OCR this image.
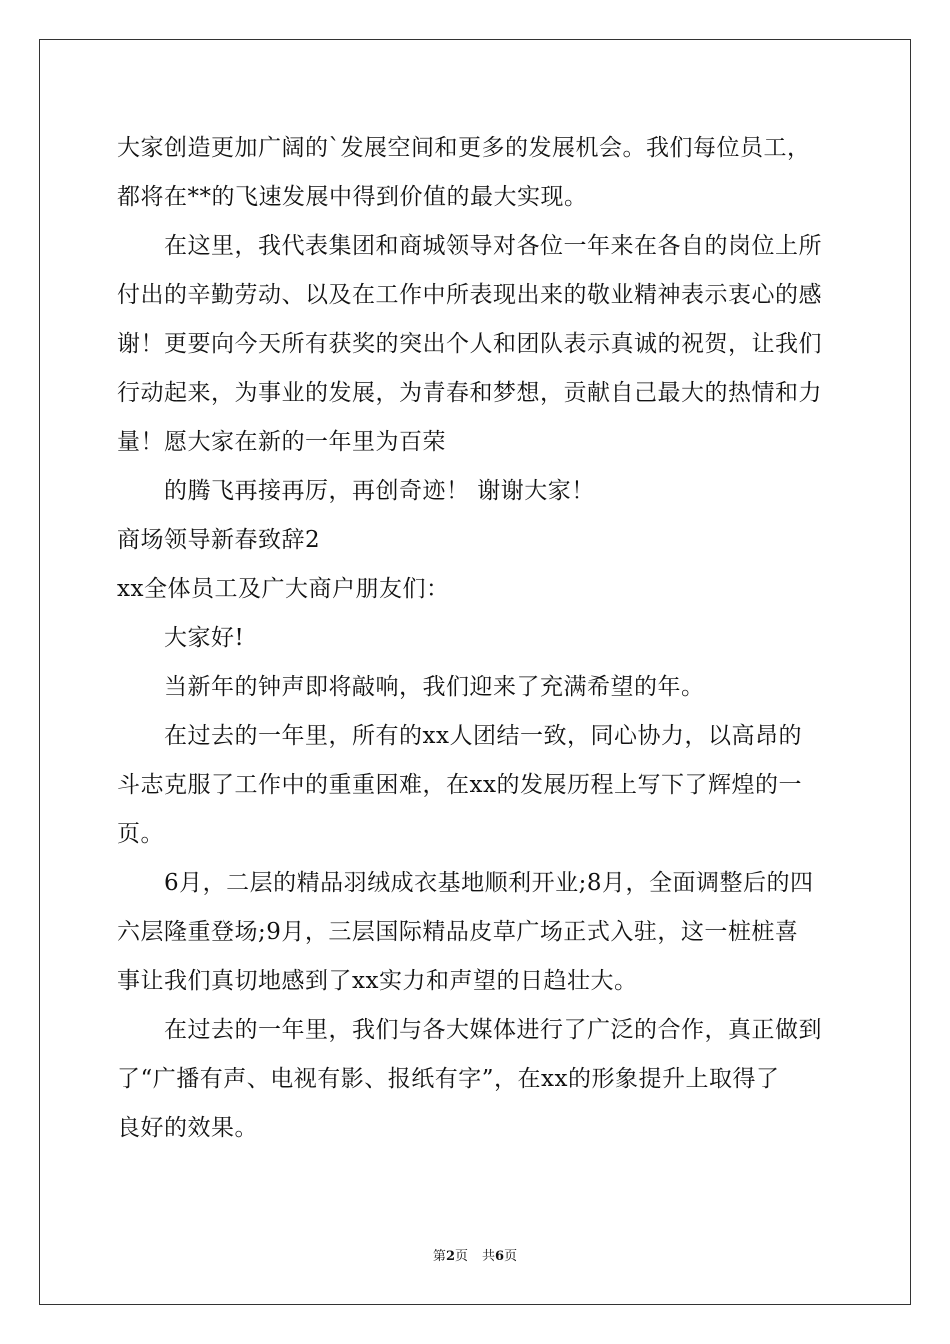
大家创造更加广阔的`发展空间和更多的发展机会。我们每位员工，
都将在**的飞速发展中得到价值的最大实现。
在这里，我代表集团和商城领导对各位一年来在各自的岗位上所
付出的辛勤劳动、以及在工作中所表现出来的敬业精神表示衷心的感
谢！更要向今天所有获奖的突出个人和团队表示真诚的祝贺，让我们
行动起来，为事业的发展，为青春和梦想，贡献自己最大的热情和力
量！愿大家在新的一年里为百荣
的腾飞再接再厉，再创奇迹！ 谢谢大家！
商场领导新春致辞2
xx全体员工及广大商户朋友们：
大家好!
当新年的钟声即将敲响，我们迎来了充满希望的年。
在过去的一年里，所有的xx人团结一致，同心协力，以高昂的
斗志克服了工作中的重重困难，在xx的发展历程上写下了辉煌的一
页。
6月，二层的精品羽绒成衣基地顺利开业;8月，全面调整后的四
六层隆重登场;9月，三层国际精品皮草广场正式入驻，这一桩桩喜
事让我们真切地感到了xx实力和声望的日趋壮大。
在过去的一年里，我们与各大媒体进行了广泛的合作，真正做到
了“广播有声、电视有影、报纸有字”，在xx的形象提升上取得了
良好的效果。
第2页 共6页
